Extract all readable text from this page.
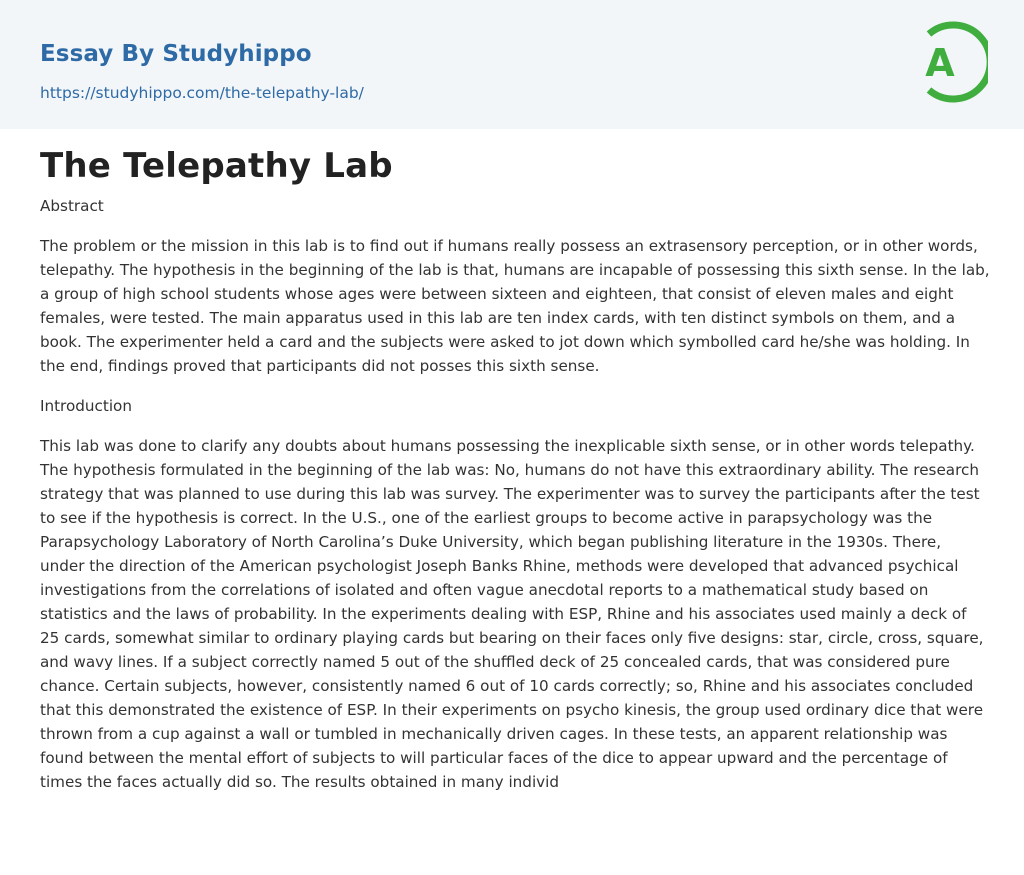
Essay By Studyhippo
https://studyhippo.com/the-telepathy-lab/
A
The Telepathy Lab

Abstract

The problem or the mission in this lab is to find out if humans really possess an extrasensory perception, or in other words, telepathy. The hypothesis in the beginning of the lab is that, humans are incapable of possessing this sixth sense. In the lab, a group of high school students whose ages were between sixteen and eighteen, that consist of eleven males and eight females, were tested. The main apparatus used in this lab are ten index cards, with ten distinct symbols on them, and a book. The experimenter held a card and the subjects were asked to jot down which symbolled card he/she was holding. In the end, findings proved that participants did not posses this sixth sense.

Introduction

This lab was done to clarify any doubts about humans possessing the inexplicable sixth sense, or in other words telepathy. The hypothesis formulated in the beginning of the lab was: No, humans do not have this extraordinary ability. The research strategy that was planned to use during this lab was survey. The experimenter was to survey the participants after the test to see if the hypothesis is correct. In the U.S., one of the earliest groups to become active in parapsychology was the Parapsychology Laboratory of North Carolina’s Duke University, which began publishing literature in the 1930s. There, under the direction of the American psychologist Joseph Banks Rhine, methods were developed that advanced psychical investigations from the correlations of isolated and often vague anecdotal reports to a mathematical study based on statistics and the laws of probability. In the experiments dealing with ESP, Rhine and his associates used mainly a deck of 25 cards, somewhat similar to ordinary playing cards but bearing on their faces only five designs: star, circle, cross, square, and wavy lines. If a subject correctly named 5 out of the shuffled deck of 25 concealed cards, that was considered pure chance. Certain subjects, however, consistently named 6 out of 10 cards correctly; so, Rhine and his associates concluded that this demonstrated the existence of ESP. In their experiments on psycho kinesis, the group used ordinary dice that were thrown from a cup against a wall or tumbled in mechanically driven cages. In these tests, an apparent relationship was found between the mental effort of subjects to will particular faces of the dice to appear upward and the percentage of times the faces actually did so. The results obtained in many individ
